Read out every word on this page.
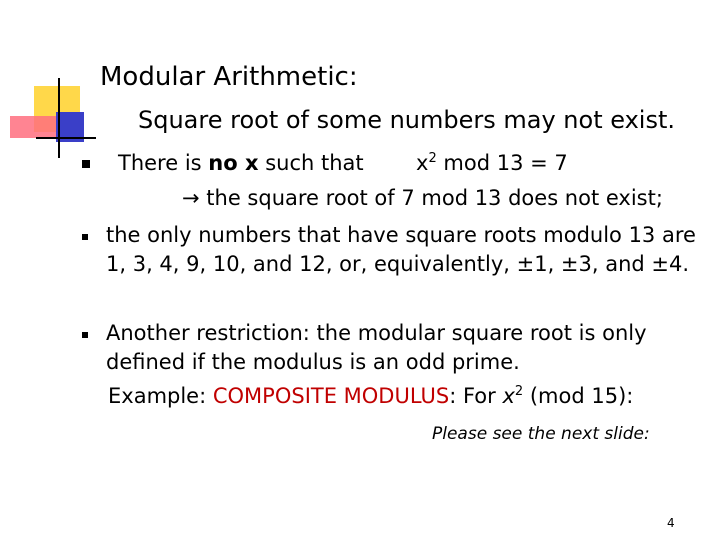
Modular Arithmetic:
Square root of some numbers may not exist.
There is no x such that $x^2$ mod 13 = 7
→ the square root of 7 mod 13 does not exist;
the only numbers that have square roots modulo 13 are
1, 3, 4, 9, 10, and 12, or, equivalently, ±1, ±3, and ±4.
Another restriction: the modular square root is only
defined if the modulus is an odd prime.
Example: COMPOSITE MODULUS: For $x^2$ (mod 15):
Please see the next slide:
4
